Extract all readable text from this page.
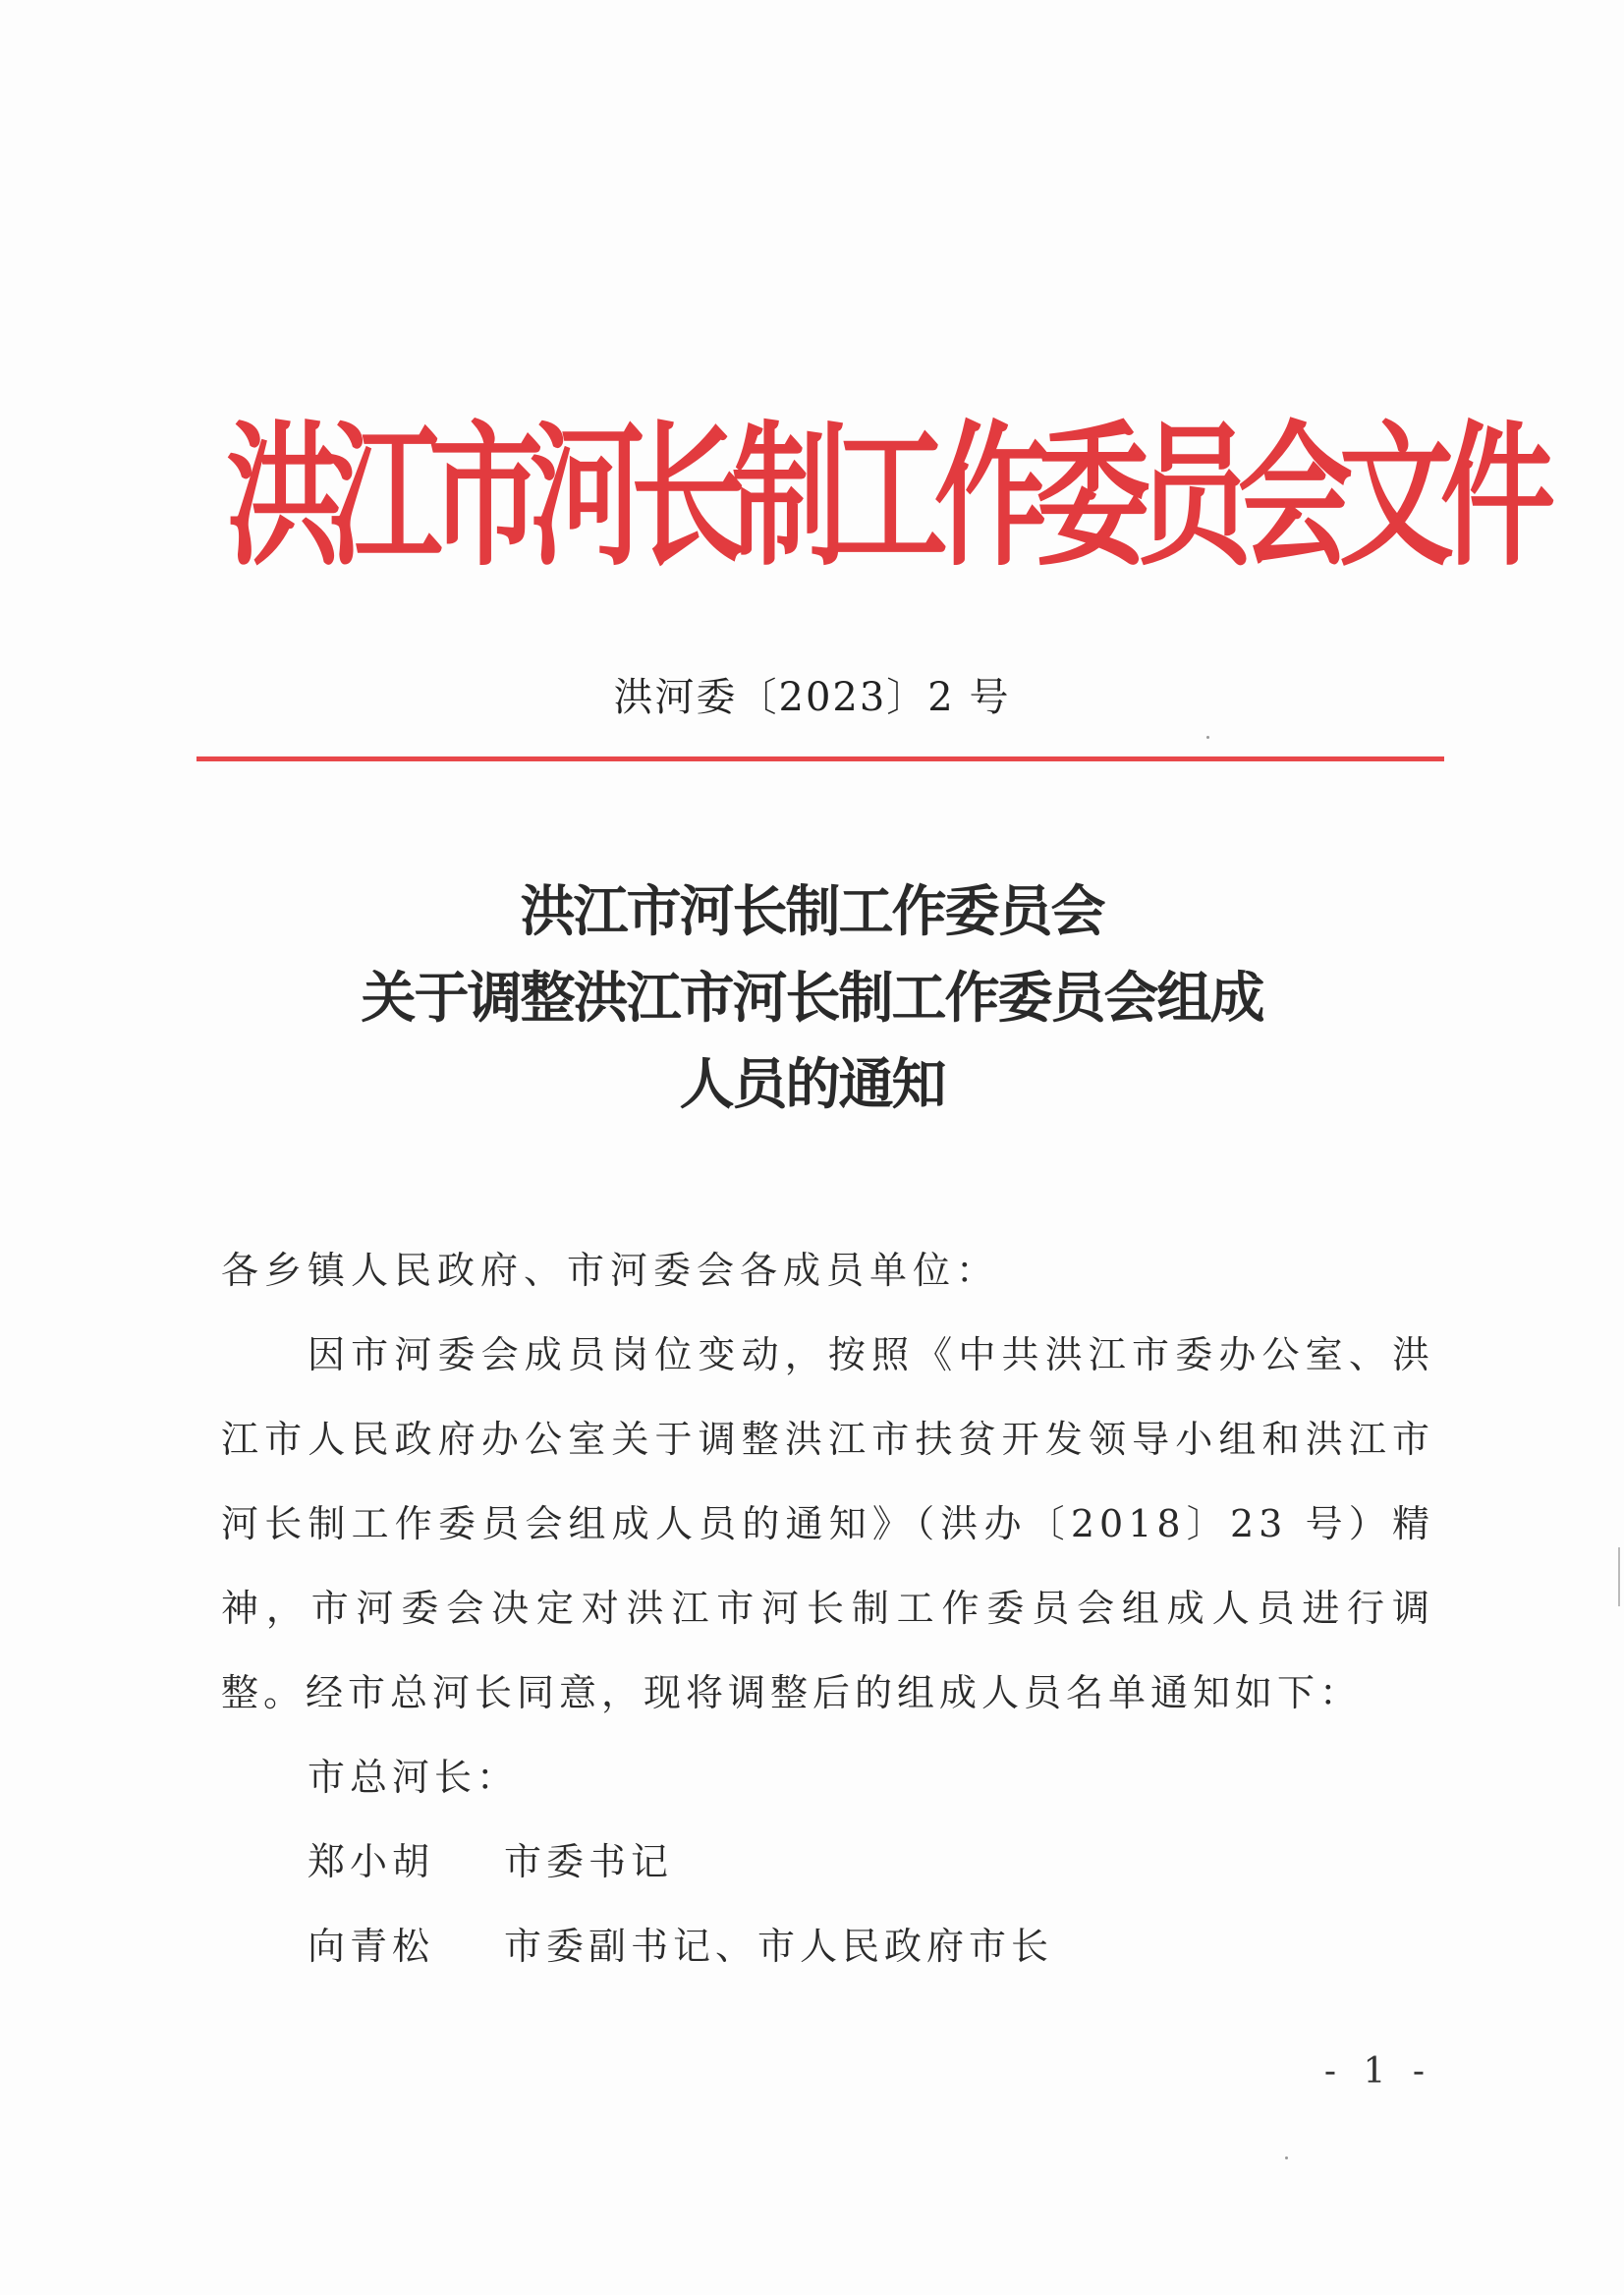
洪江市河长制工作委员会文件
洪河委〔2023〕2 号
洪江市河长制工作委员会
关于调整洪江市河长制工作委员会组成
人员的通知

各乡镇人民政府、市河委会各成员单位：

因市河委会成员岗位变动，按照《中共洪江市委办公室、洪江市人民政府办公室关于调整洪江市扶贫开发领导小组和洪江市河长制工作委员会组成人员的通知》（洪办〔2018〕23 号）精神，市河委会决定对洪江市河长制工作委员会组成人员进行调整。经市总河长同意，现将调整后的组成人员名单通知如下：

市总河长：

郑小胡 市委书记

向青松 市委副书记、市人民政府市长

- 1 -
